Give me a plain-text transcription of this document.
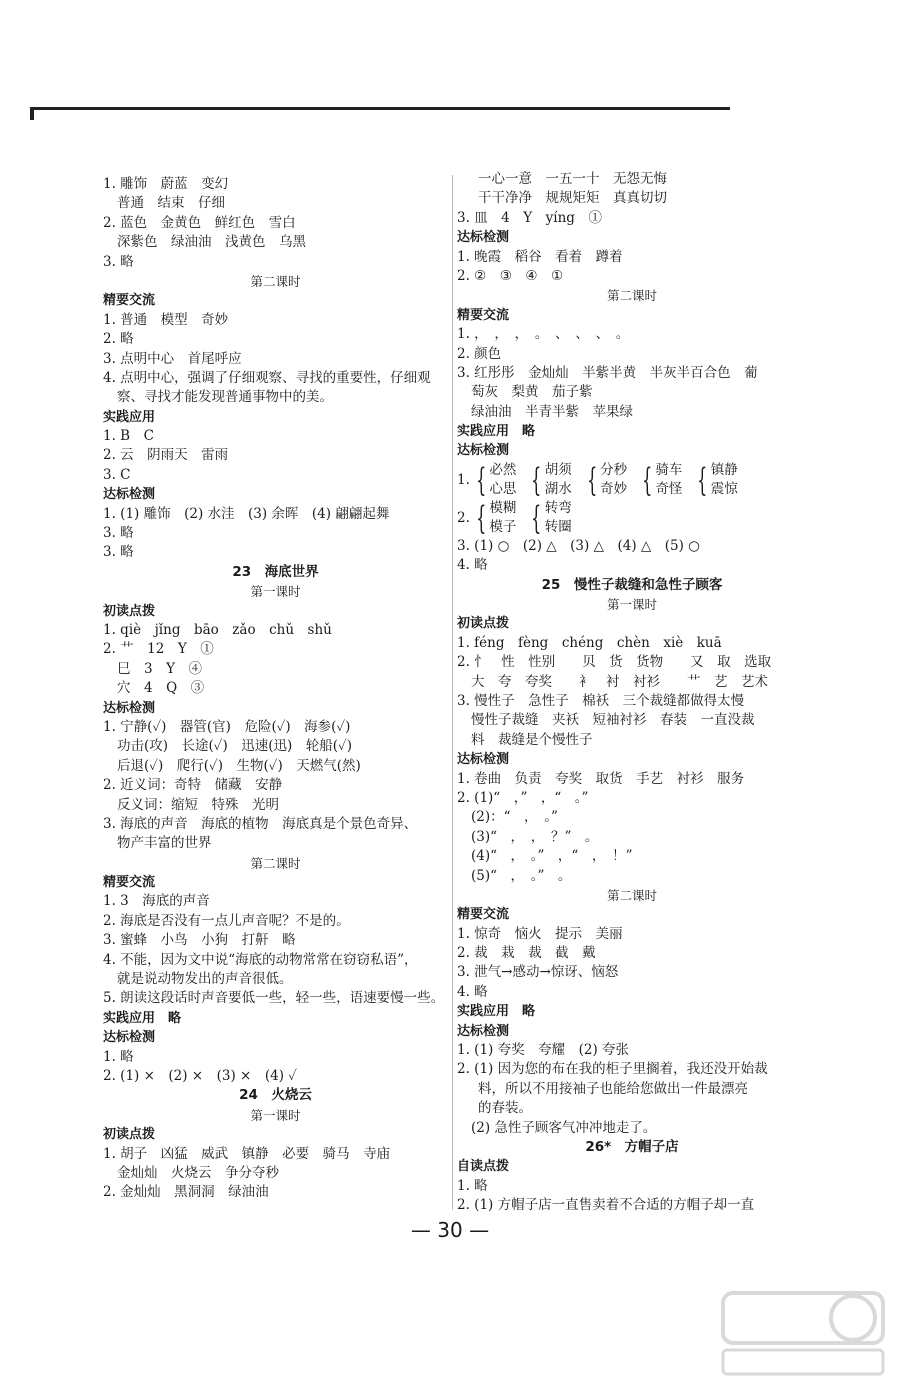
1. 雕饰　蔚蓝　变幻
普通　结束　仔细
2. 蓝色　金黄色　鲜红色　雪白
深紫色　绿油油　浅黄色　乌黑
3. 略
第二课时
精要交流
1. 普通　模型　奇妙
2. 略
3. 点明中心　首尾呼应
4. 点明中心，强调了仔细观察、寻找的重要性，仔细观
察、寻找才能发现普通事物中的美。
实践应用
1. B　C
2. 云　阴雨天　雷雨
3. C
达标检测
1. (1) 雕饰　(2) 水洼　(3) 余晖　(4) 翩翩起舞
3. 略
3. 略
23　海底世界
第一课时
初读点拨
1. qiè　jǐng　bāo　zǎo　chǔ　shǔ
2. 艹　12　Y　①
巳　3　Y　④
穴　4　Q　③
达标检测
1. 宁静(✓)　器管(官)　危险(✓)　海参(✓)
功击(攻)　长途(✓)　迅速(迅)　轮船(✓)
后退(✓)　爬行(✓)　生物(✓)　天燃气(然)
2. 近义词：奇特　储藏　安静
反义词：缩短　特殊　光明
3. 海底的声音　海底的植物　海底真是个景色奇异、
物产丰富的世界
第二课时
精要交流
1. 3　海底的声音
2. 海底是否没有一点儿声音呢？不是的。
3. 蜜蜂　小鸟　小狗　打鼾　略
4. 不能，因为文中说“海底的动物常常在窃窃私语”，
就是说动物发出的声音很低。
5. 朗读这段话时声音要低一些，轻一些，语速要慢一些。
实践应用　略
达标检测
1. 略
2. (1) ×　(2) ×　(3) ×　(4) ✓
24　火烧云
第一课时
初读点拨
1. 胡子　凶猛　威武　镇静　必要　骑马　寺庙
金灿灿　火烧云　争分夺秒
2. 金灿灿　黑洞洞　绿油油
一心一意　一五一十　无怨无悔
干干净净　规规矩矩　真真切切
3. 皿　4　Y　yíng　①
达标检测
1. 晚霞　稻谷　看着　蹲着
2. ②　③　④　①
第二课时
精要交流
1. ，　，　，　。　、　、　、　。
2. 颜色
3. 红彤彤　金灿灿　半紫半黄　半灰半百合色　葡
萄灰　梨黄　茄子紫
绿油油　半青半紫　苹果绿
实践应用　略
达标检测
1. { 必然
心思 { 胡须
湖水 { 分秒
奇妙 { 骑车
奇怪 { 镇静
震惊
2. { 模糊
模子 { 转弯
转圈
3. (1) ○　(2) △　(3) △　(4) △　(5) ○
4. 略
25　慢性子裁缝和急性子顾客
第一课时
初读点拨
1. féng　fèng　chéng　chèn　xiè　kuā
2. 忄　性　性别　　贝　货　货物　　又　取　选取
大　夸　夸奖　　衤　衬　衬衫　　艹　艺　艺术
3. 慢性子　急性子　棉袄　三个裁缝都做得太慢
慢性子裁缝　夹袄　短袖衬衫　春装　一直没裁
料　裁缝是个慢性子
达标检测
1. 卷曲　负责　夸奖　取货　手艺　衬衫　服务
2. (1)“　，”　，“　。”
(2)：“　，　。”
(3)“　，　，　？”　。
(4)“　，　。”　，“　，　！”
(5)“　，　。”　。
第二课时
精要交流
1. 惊奇　恼火　提示　美丽
2. 裁　栽　裁　截　戴
3. 泄气→感动→惊讶、恼怒
4. 略
实践应用　略
达标检测
1. (1) 夸奖　夸耀　(2) 夸张
2. (1) 因为您的布在我的柜子里搁着，我还没开始裁
料，所以不用接袖子也能给您做出一件最漂亮
的春装。
(2) 急性子顾客气冲冲地走了。
26*　方帽子店
自读点拨
1. 略
2. (1) 方帽子店一直售卖着不合适的方帽子却一直
— 30 —
